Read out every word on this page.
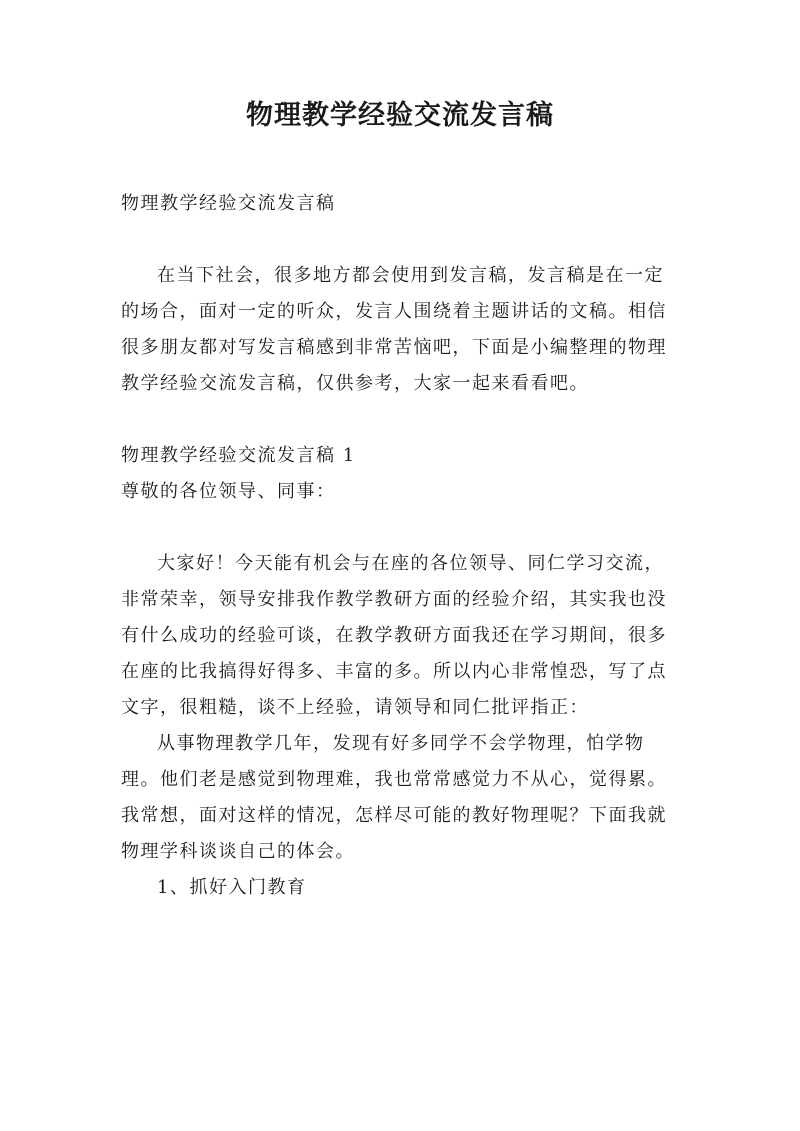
物理教学经验交流发言稿

物理教学经验交流发言稿

在当下社会，很多地方都会使用到发言稿，发言稿是在一定的场合，面对一定的听众，发言人围绕着主题讲话的文稿。相信很多朋友都对写发言稿感到非常苦恼吧，下面是小编整理的物理教学经验交流发言稿，仅供参考，大家一起来看看吧。

物理教学经验交流发言稿 1

尊敬的各位领导、同事：

大家好！今天能有机会与在座的各位领导、同仁学习交流，非常荣幸，领导安排我作教学教研方面的经验介绍，其实我也没有什么成功的经验可谈，在教学教研方面我还在学习期间，很多在座的比我搞得好得多、丰富的多。所以内心非常惶恐，写了点文字，很粗糙，谈不上经验，请领导和同仁批评指正：

从事物理教学几年，发现有好多同学不会学物理，怕学物理。他们老是感觉到物理难，我也常常感觉力不从心，觉得累。我常想，面对这样的情况，怎样尽可能的教好物理呢？下面我就物理学科谈谈自己的体会。

1、抓好入门教育
